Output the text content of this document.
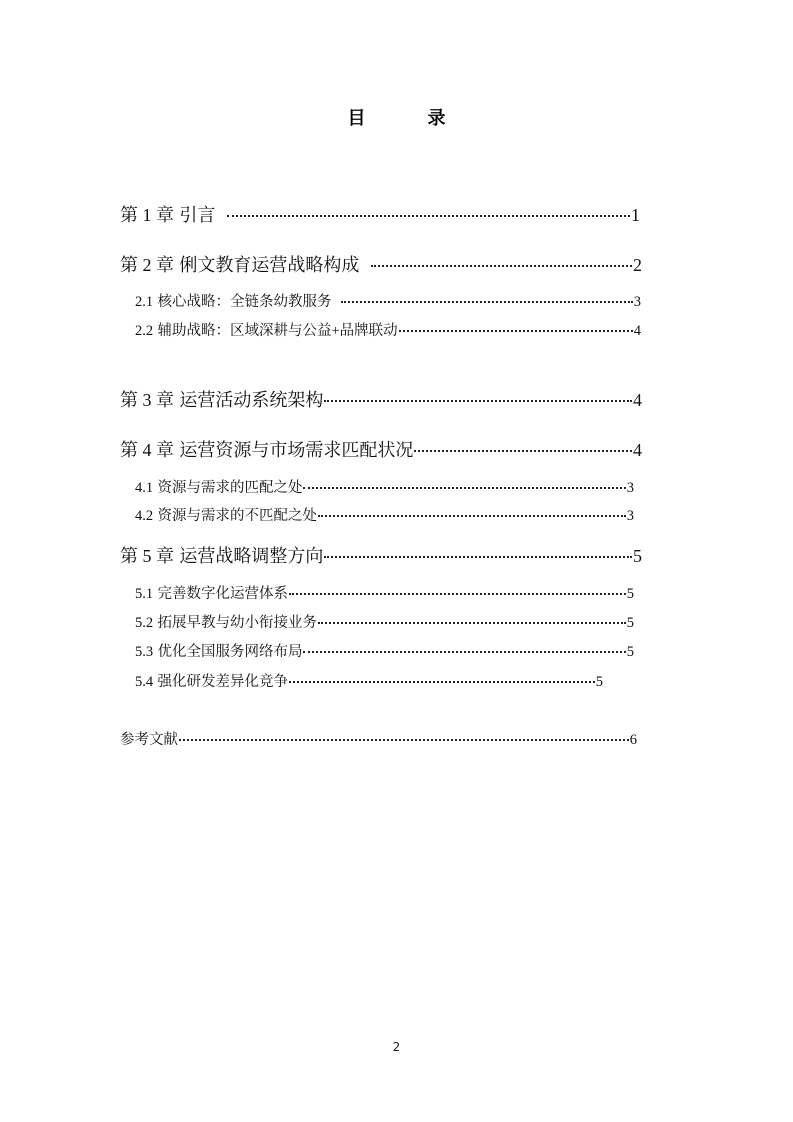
目　录
第 1 章 引言	1
第 2 章 俐文教育运营战略构成	2
2.1 核心战略：全链条幼教服务	3
2.2 辅助战略：区域深耕与公益+品牌联动	4
第 3 章 运营活动系统架构	4
第 4 章 运营资源与市场需求匹配状况	4
4.1 资源与需求的匹配之处	3
4.2 资源与需求的不匹配之处	3
第 5 章 运营战略调整方向	5
5.1 完善数字化运营体系	5
5.2 拓展早教与幼小衔接业务	5
5.3 优化全国服务网络布局	5
5.4 强化研发差异化竞争	5
参考文献	6
2
